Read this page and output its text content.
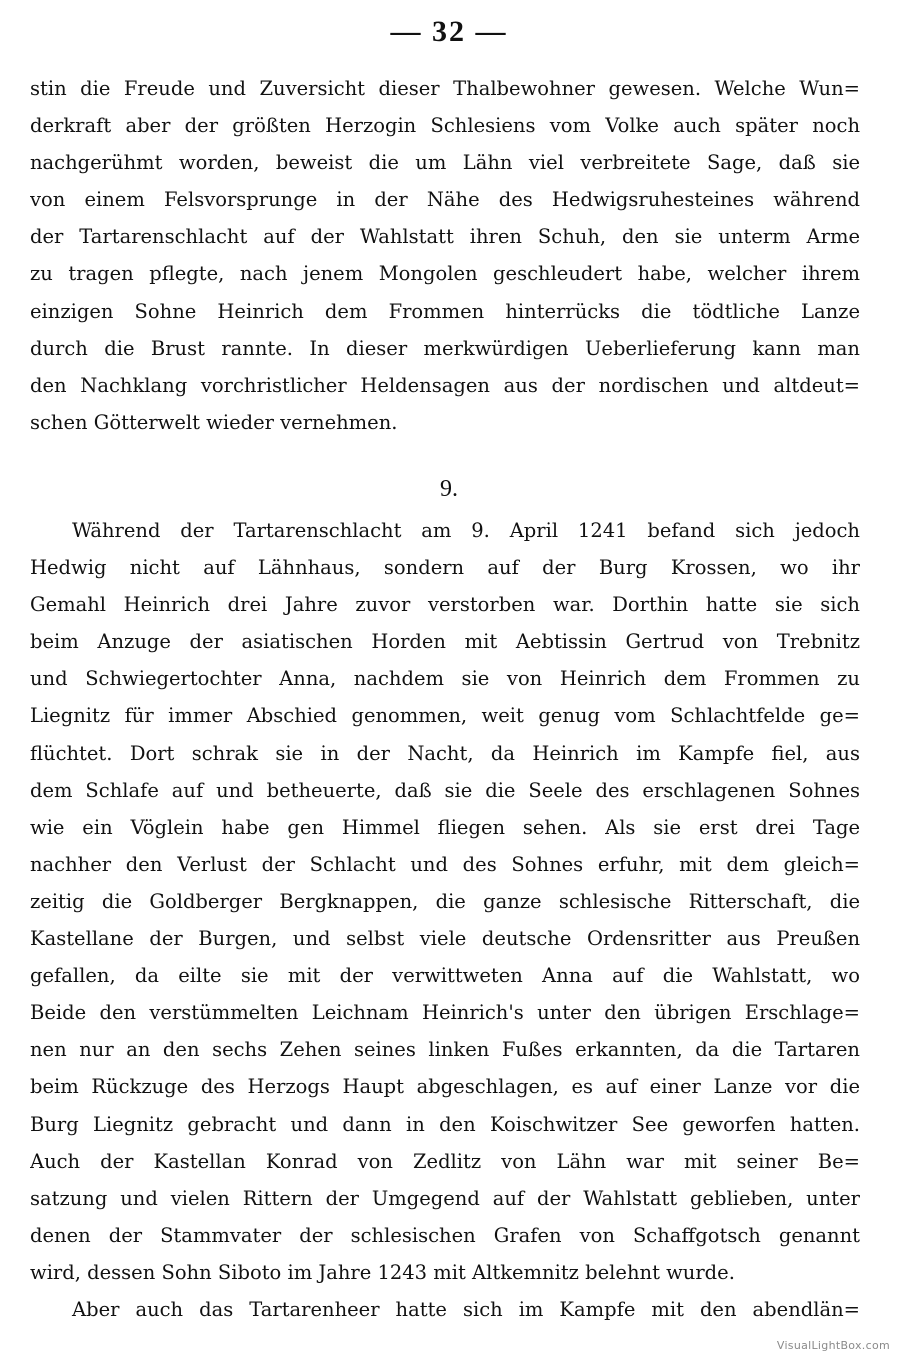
— 32 —
stin die Freude und Zuversicht dieser Thalbewohner gewesen. Welche Wun=
derkraft aber der größten Herzogin Schlesiens vom Volke auch später noch
nachgerühmt worden, beweist die um Lähn viel verbreitete Sage, daß sie
von einem Felsvorsprunge in der Nähe des Hedwigsruhesteines während
der Tartarenschlacht auf der Wahlstatt ihren Schuh, den sie unterm Arme
zu tragen pflegte, nach jenem Mongolen geschleudert habe, welcher ihrem
einzigen Sohne Heinrich dem Frommen hinterrücks die tödtliche Lanze
durch die Brust rannte. In dieser merkwürdigen Ueberlieferung kann man
den Nachklang vorchristlicher Heldensagen aus der nordischen und altdeut=
schen Götterwelt wieder vernehmen.
9.
Während der Tartarenschlacht am 9. April 1241 befand sich jedoch
Hedwig nicht auf Lähnhaus, sondern auf der Burg Krossen, wo ihr
Gemahl Heinrich drei Jahre zuvor verstorben war. Dorthin hatte sie sich
beim Anzuge der asiatischen Horden mit Aebtissin Gertrud von Trebnitz
und Schwiegertochter Anna, nachdem sie von Heinrich dem Frommen zu
Liegnitz für immer Abschied genommen, weit genug vom Schlachtfelde ge=
flüchtet. Dort schrak sie in der Nacht, da Heinrich im Kampfe fiel, aus
dem Schlafe auf und betheuerte, daß sie die Seele des erschlagenen Sohnes
wie ein Vöglein habe gen Himmel fliegen sehen. Als sie erst drei Tage
nachher den Verlust der Schlacht und des Sohnes erfuhr, mit dem gleich=
zeitig die Goldberger Bergknappen, die ganze schlesische Ritterschaft, die
Kastellane der Burgen, und selbst viele deutsche Ordensritter aus Preußen
gefallen, da eilte sie mit der verwittweten Anna auf die Wahlstatt, wo
Beide den verstümmelten Leichnam Heinrich's unter den übrigen Erschlage=
nen nur an den sechs Zehen seines linken Fußes erkannten, da die Tartaren
beim Rückzuge des Herzogs Haupt abgeschlagen, es auf einer Lanze vor die
Burg Liegnitz gebracht und dann in den Koischwitzer See geworfen hatten.
Auch der Kastellan Konrad von Zedlitz von Lähn war mit seiner Be=
satzung und vielen Rittern der Umgegend auf der Wahlstatt geblieben, unter
denen der Stammvater der schlesischen Grafen von Schaffgotsch genannt
wird, dessen Sohn Siboto im Jahre 1243 mit Altkemnitz belehnt wurde.
Aber auch das Tartarenheer hatte sich im Kampfe mit den abendlän=
VisualLightBox.com
